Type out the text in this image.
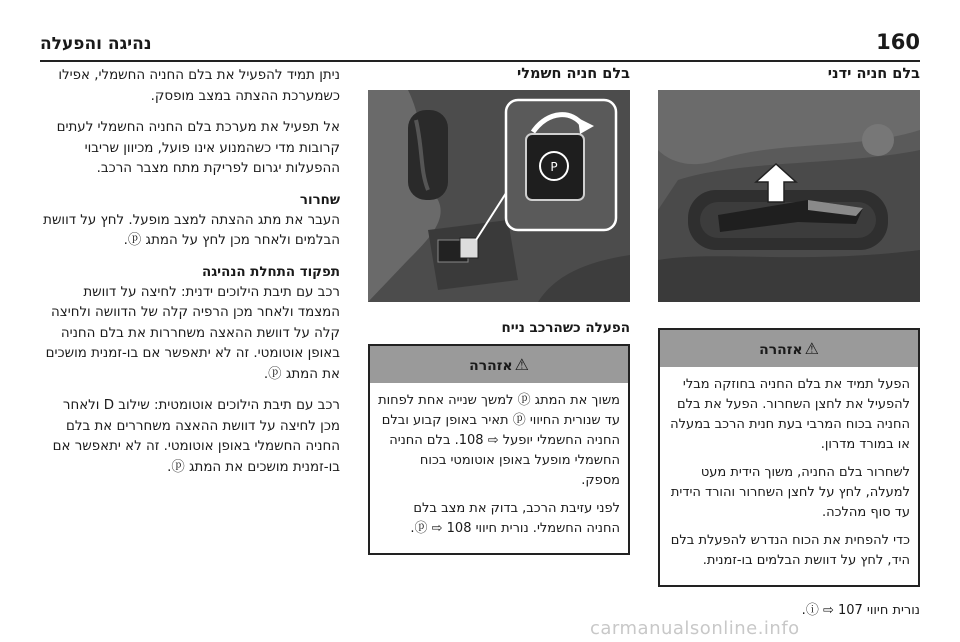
160
נהיגה והפעלה
בלם חניה ידני
⚠אזהרה

הפעל תמיד את בלם החניה בחוזקה מבלי להפעיל את לחצן השחרור. הפעל את בלם החניה בכוח המרבי בעת חנית הרכב במעלה או במורד מדרון.

לשחרור בלם החניה, משוך הידית מעט למעלה, לחץ על לחצן השחרור והורד הידית עד סוף מהלכה.

כדי להפחית את הכוח הנדרש להפעלת בלם היד, לחץ על דוושת הבלמים בו-זמנית.

נורית חיווי ⓘ ⇨ 107.
בלם חניה חשמלי
P
הפעלה כשהרכב נייח
⚠אזהרה

משוך את המתג ⓟ למשך שנייה אחת לפחות עד שנורית החיווי ⓟ תאיר באופן קבוע ובלם החניה החשמלי יופעל ⇨ 108. בלם החניה החשמלי מופעל באופן אוטומטי בכוח מספק.

לפני עזיבת הרכב, בדוק את מצב בלם החניה החשמלי. נורית חיווי ⓟ ⇨ 108.

ניתן תמיד להפעיל את בלם החניה החשמלי, אפילו כשמערכת ההצתה במצב מופסק.

אל תפעיל את מערכת בלם החניה החשמלי לעתים קרובות מדי כשהמנוע אינו פועל, מכיוון שריבוי ההפעלות יגרום לפריקת מתח מצבר הרכב.

שחרור

העבר את מתג ההצתה למצב מופעל. לחץ על דוושת הבלמים ולאחר מכן לחץ על המתג ⓟ.

תפקוד התחלת הנהיגה

רכב עם תיבת הילוכים ידנית: לחיצה על דוושת המצמד ולאחר מכן הרפיה קלה של הדוושה ולחיצה קלה על דוושת ההאצה משחררות את בלם החניה באופן אוטומטי. זה לא יתאפשר אם בו-זמנית מושכים את המתג ⓟ.

רכב עם תיבת הילוכים אוטומטית: שילוב D ולאחר מכן לחיצה על דוושת ההאצה משחררים את בלם החניה החשמלי באופן אוטומטי. זה לא יתאפשר אם בו-זמנית מושכים את המתג ⓟ.

carmanualsonline.info
